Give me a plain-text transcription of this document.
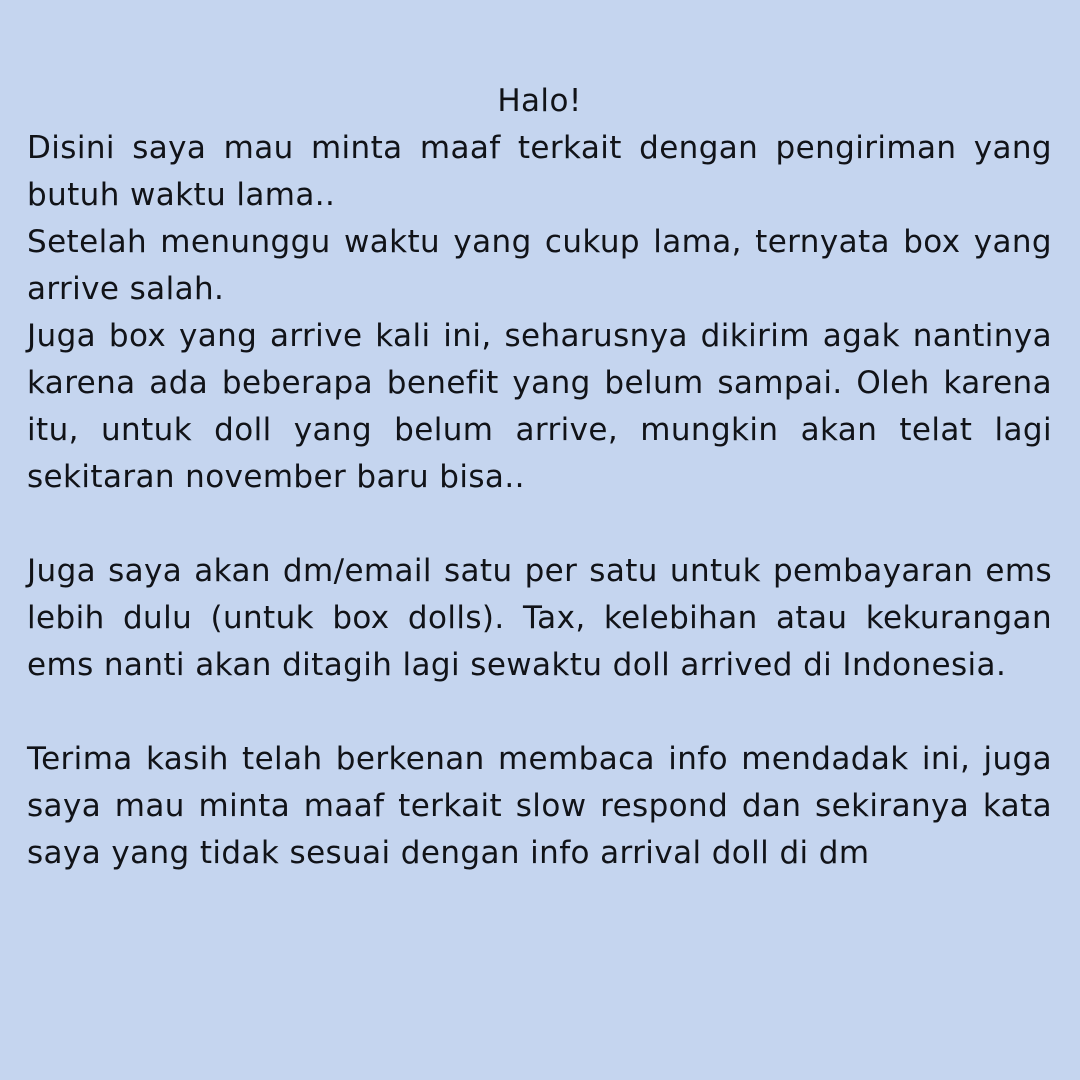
Halo!

Disini saya mau minta maaf terkait dengan pengiriman yang butuh waktu lama..

Setelah menunggu waktu yang cukup lama, ternyata box yang arrive salah.

Juga box yang arrive kali ini, seharusnya dikirim agak nantinya karena ada beberapa benefit yang belum sampai. Oleh karena itu, untuk doll yang belum arrive, mungkin akan telat lagi sekitaran november baru bisa..

Juga saya akan dm/email satu per satu untuk pembayaran ems lebih dulu (untuk box dolls). Tax, kelebihan atau kekurangan ems nanti akan ditagih lagi sewaktu doll arrived di Indonesia.

Terima kasih telah berkenan membaca info mendadak ini, juga saya mau minta maaf terkait slow respond dan sekiranya kata saya yang tidak sesuai dengan info arrival doll di dm
